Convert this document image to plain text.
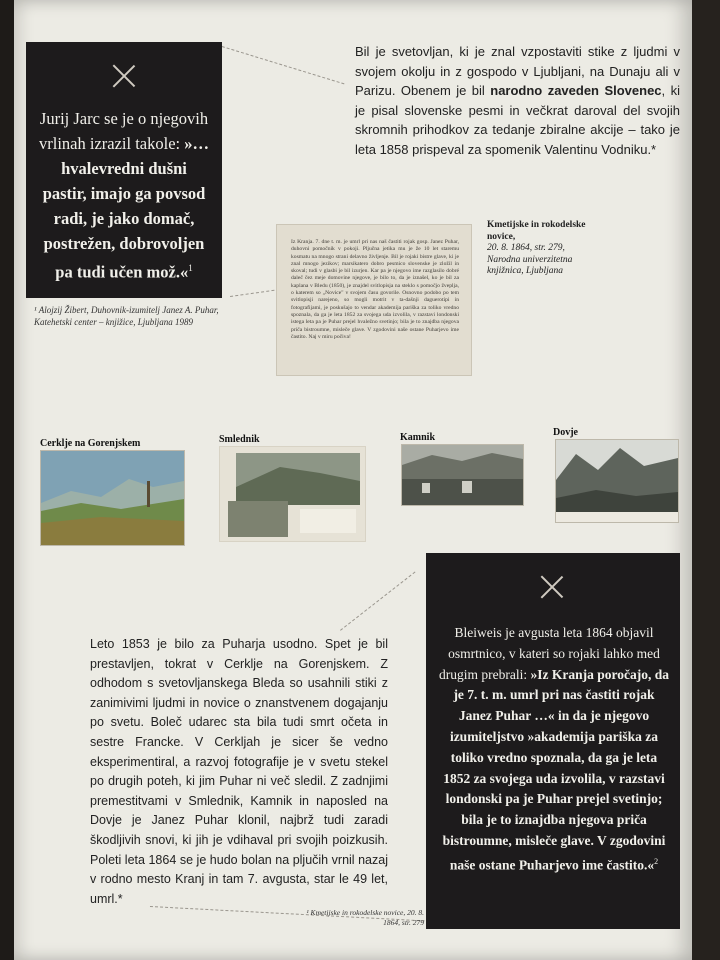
Jurij Jarc se je o njegovih vrlinah izrazil takole: »… hvalevredni dušni pastir, imajo ga povsod radi, je jako domač, postrežen, dobrovoljen pa tudi učen mož.«$^1$
¹ Alojzij Žibert, Duhovnik-izumitelj Janez A. Puhar, Katehetski center – knjižice, Ljubljana 1989
Bil je svetovljan, ki je znal vzpostaviti stike z ljudmi v svojem okolju in z gospodo v Ljubljani, na Dunaju ali v Parizu. Obenem je bil narodno zaveden Slovenec, ki je pisal slovenske pesmi in večkrat daroval del svojih skromnih prihodkov za tedanje zbiralne akcije – tako je leta 1858 prispeval za spomenik Valentinu Vodniku.*
Iz Kranja. 7. dne t. m. je umrl pri nas naš častiti rojak gosp. Janez Puhar, duhovni pomočnik v pokoji. Pljučna jetika mu je že 10 let staremu kosmatu na mnogo strani delavno življenje. Bil je rojaki bistre glave, ki je znal mnogo jezikov; marsikatero dobro pesmico slovenske je zložil in skoval; tudi v glasbi je bil izurjen. Kar pa je njegovo ime razglasilo dobré daleč čez meje domovine njegove, je bilo to, da je iznašel, ko je bil za kaplana v Bledu (1850), je znajdel svitlopisja na steklo s pomočjo žveplja, o katerem so „Novice" v svojem času govorile. Osnovno podobo po tem svitlopisji narejeno, so mogli motrit v ta-dašnji daguerotipi in fotografijami, je poskušajo to vendar akademija pariška za toliko vredno spoznala, da ga je leta 1852 za svojega uda izvolila, v razstavi londonski istega leta pa je Puhar prejel hvaležno svetinjo; bila je to znajdba njegova priča bistroumne, misleče glave. V zgodovini naše ostane Puharjevo ime častito. Naj v miru počiva!
Kmetijske in rokodelske novice,
20. 8. 1864, str. 279, Narodna univerzitetna knjižnica, Ljubljana
Cerklje na Gorenjskem	Smlednik	Kamnik	Dovje
Leto 1853 je bilo za Puharja usodno. Spet je bil prestavljen, tokrat v Cerklje na Gorenjskem. Z odhodom s svetovljanskega Bleda so usahnili stiki z zanimivimi ljudmi in novice o znanstvenem dogajanju po svetu. Boleč udarec sta bila tudi smrt očeta in sestre Francke. V Cerkljah je sicer še vedno eksperimentiral, a razvoj fotografije je v svetu stekel po drugih poteh, ki jim Puhar ni več sledil. Z zadnjimi premestitvami v Smlednik, Kamnik in naposled na Dovje je Janez Puhar klonil, najbrž tudi zaradi škodljivih snovi, ki jih je vdihaval pri svojih poizkusih. Poleti leta 1864 se je hudo bolan na pljučih vrnil nazaj v rodno mesto Kranj in tam 7. avgusta, star le 49 let, umrl.*
¹ Kmetijske in rokodelske novice, 20. 8. 1864, str. 279
Bleiweis je avgusta leta 1864 objavil osmrtnico, v kateri so rojaki lahko med drugim prebrali: »Iz Kranja poročajo, da je 7. t. m. umrl pri nas častiti rojak Janez Puhar …« in da je njegovo izumiteljstvo »akademija pariška za toliko vredno spoznala, da ga je leta 1852 za svojega uda izvolila, v razstavi londonski pa je Puhar prejel svetinjo; bila je to iznajdba njegova priča bistroumne, misleče glave. V zgodovini naše ostane Puharjevo ime častito.«$^2$
